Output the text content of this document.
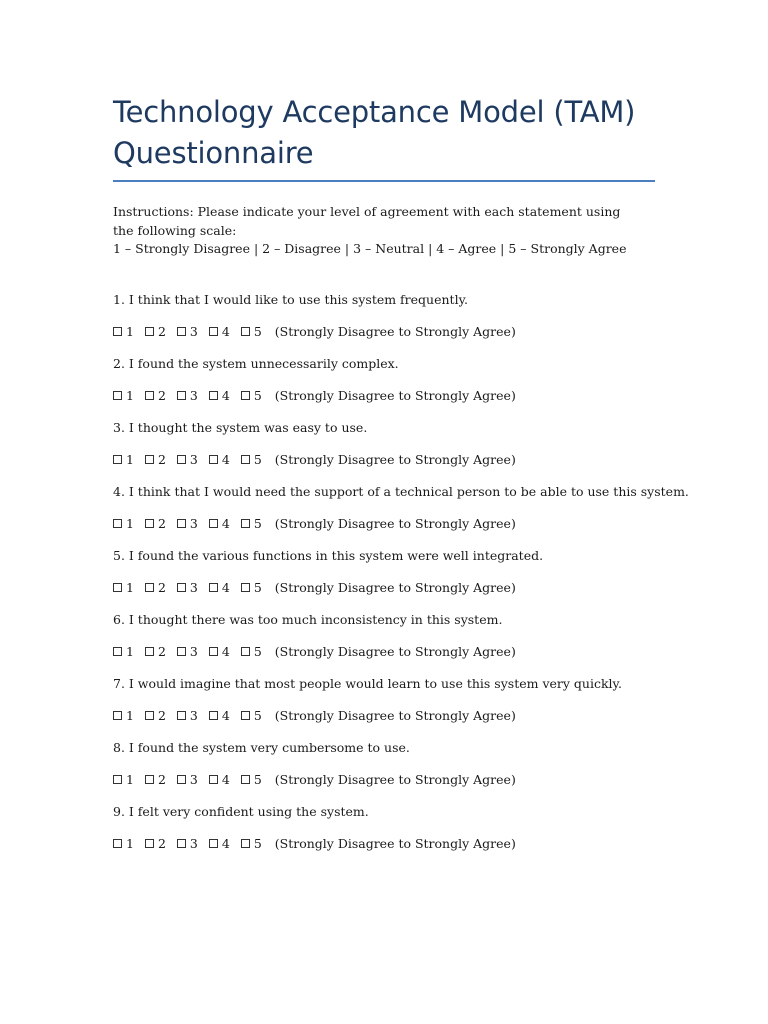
Technology Acceptance Model (TAM) Questionnaire
Instructions: Please indicate your level of agreement with each statement using the following scale:
1 – Strongly Disagree | 2 – Disagree | 3 – Neutral | 4 – Agree | 5 – Strongly Agree
1. I think that I would like to use this system frequently.
1 2 3 4 5 (Strongly Disagree to Strongly Agree)
2. I found the system unnecessarily complex.
1 2 3 4 5 (Strongly Disagree to Strongly Agree)
3. I thought the system was easy to use.
1 2 3 4 5 (Strongly Disagree to Strongly Agree)
4. I think that I would need the support of a technical person to be able to use this system.
1 2 3 4 5 (Strongly Disagree to Strongly Agree)
5. I found the various functions in this system were well integrated.
1 2 3 4 5 (Strongly Disagree to Strongly Agree)
6. I thought there was too much inconsistency in this system.
1 2 3 4 5 (Strongly Disagree to Strongly Agree)
7. I would imagine that most people would learn to use this system very quickly.
1 2 3 4 5 (Strongly Disagree to Strongly Agree)
8. I found the system very cumbersome to use.
1 2 3 4 5 (Strongly Disagree to Strongly Agree)
9. I felt very confident using the system.
1 2 3 4 5 (Strongly Disagree to Strongly Agree)
